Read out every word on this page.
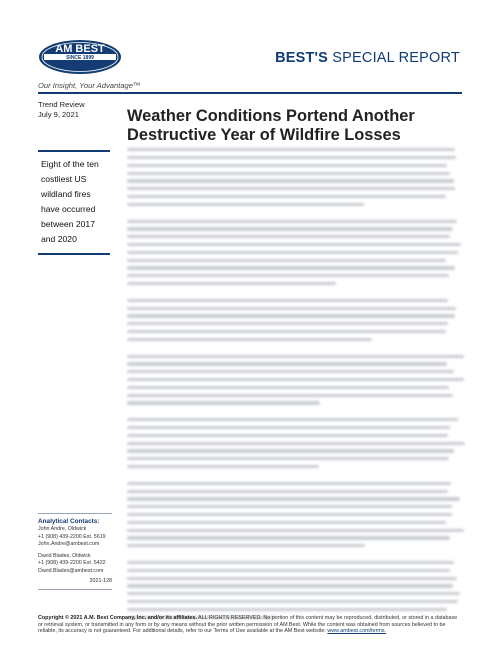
AM BEST
SINCE 1899	BEST'S SPECIAL REPORT
Our Insight, Your Advantage™
Trend Review
July 9, 2021	Weather Conditions Portend Another Destructive Year of Wildfire Losses
Eight of the ten costliest US wildland fires have occurred between 2017 and 2020
Analytical Contacts:
John Andre, Oldwick
+1 (908) 439-2200 Ext. 5619
John.Andre@ambest.com
David Blades, Oldwick
+1 (908) 439-2200 Ext. 5422
David.Blades@ambest.com
2021-128
Copyright © 2021 A.M. Best Company, Inc. and/or its affiliates. ALL RIGHTS RESERVED. No portion of this content may be reproduced, distributed, or stored in a database or retrieval system, or transmitted in any form or by any means without the prior written permission of AM Best. While the content was obtained from sources believed to be reliable, its accuracy is not guaranteed. For additional details, refer to our Terms of Use available at the AM Best website: www.ambest.com/terms.
